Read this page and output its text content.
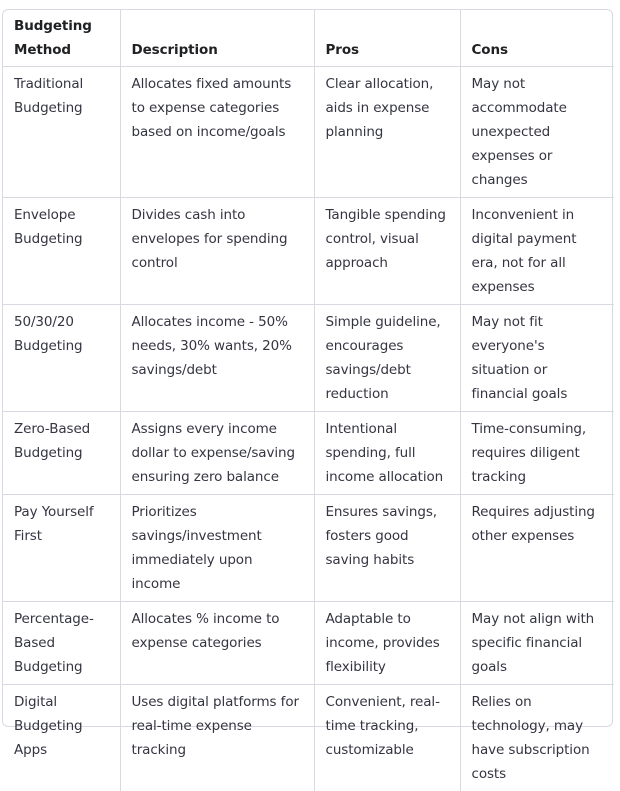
Budgeting Method	Description	Pros	Cons
Traditional Budgeting	Allocates fixed amounts to expense categories based on income/goals	Clear allocation, aids in expense planning	May not accommodate unexpected expenses or changes
Envelope Budgeting	Divides cash into envelopes for spending control	Tangible spending control, visual approach	Inconvenient in digital payment era, not for all expenses
50/30/20 Budgeting	Allocates income - 50% needs, 30% wants, 20% savings/debt	Simple guideline, encourages savings/debt reduction	May not fit everyone's situation or financial goals
Zero-Based Budgeting	Assigns every income dollar to expense/saving ensuring zero balance	Intentional spending, full income allocation	Time-consuming, requires diligent tracking
Pay Yourself First	Prioritizes savings/investment immediately upon income	Ensures savings, fosters good saving habits	Requires adjusting other expenses
Percentage-Based Budgeting	Allocates % income to expense categories	Adaptable to income, provides flexibility	May not align with specific financial goals
Digital Budgeting Apps	Uses digital platforms for real-time expense tracking	Convenient, real-time tracking, customizable	Relies on technology, may have subscription costs
